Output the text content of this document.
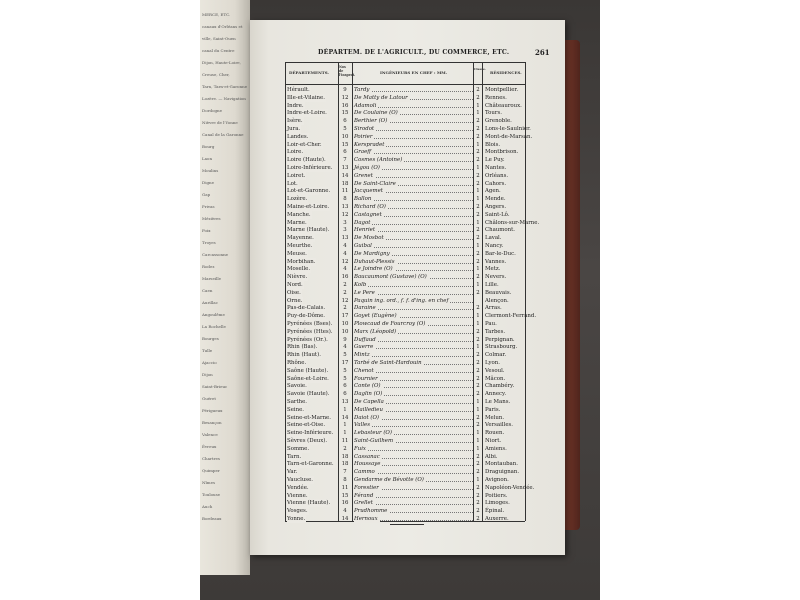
MERCE, ETC.
canaux d'Orléans et
ville, Saint-Ouen
canal du Centre
Dijon, Haute-Loire,
Creuse, Cher,
Tarn, Tarn-et-Garonne
Lozère. — Navigation
Dordogne
Nièvre de l'Yonne
Canal de la Garonne
Bourg
Laon
Moulins
Digne
Gap
Privas
Mézières
Foix
Troyes
Carcassonne
Rodez
Marseille
Caen
Aurillac
Angoulême
La Rochelle
Bourges
Tulle
Ajaccio
Dijon
Saint-Brieuc
Guéret
Périgueux
Besançon
Valence
Évreux
Chartres
Quimper
Nîmes
Toulouse
Auch
Bordeaux
DÉPARTEM. DE L'AGRICULT., DU COMMERCE, ETC.	261
DÉPARTEMENTS.
Nos de l'inspect.	INGÉNIEURS EN CHEF : MM.
Classe.
RÉSIDENCES.
Hérault.	9	Tardy	2 Montpellier.
Ille-et-Vilaine.	12 De Matty de Latour	2 Rennes.
Indre.	16 Adamoli	1 Châteauroux.
Indre-et-Loire.	15 De Coulaine (O)	1 Tours.
Isère.	6	Berthier (O)	2 Grenoble.
Jura.	5	Sirodot	2 Lons-le-Saulnier.
Landes.	10 Poirier	2 Mont-de-Marsan.
Loir-et-Cher.	15 Kerspradet	1 Blois.
Loire.	6	Graeff	2 Montbrison.
Loire (Haute).	7	Cosmes (Antoine)	2 Le Puy.
Loire-Inférieure. 13 Jégou (O)	1 Nantes.
Loiret.	14 Grenet	2 Orléans.
Lot.	18 De Saint-Claire	2 Cahors.
Lot-et-Garonne. 11 Jacquemet	1 Agen.
Lozère.	8	Ballon	1 Mende.
Maine-et-Loire. 13 Richard (O)	2 Angers.
Manche.	12 Castagnet	2 Saint-Lô.
Marne.	3	Dagot	1 Châlons-sur-Marne.
Marne (Haute).	3	Henriet	2 Chaumont.
Mayenne.	13 De Mosbot	2 Laval.
Meurthe.	4	Guibal	1 Nancy.
Meuse.	4	De Mardigny	2 Bar-le-Duc.
Morbihan.	12 Duhaut-Plessis	2 Vannes.
Moselle.	4	Le Joindre (O)	1 Metz.
Nièvre.	16 Baucaumont (Gustave) (O)	2 Nevers.
Nord.	2	Kolb	1 Lille.
Oise.	2	Le Pere	2 Beauvais.
Orne.	12 Paquin ing. ord., f. f. d'ing. en chef	Alençon.
Pas-de-Calais.	2	Daraine	2 Arras.
Puy-de-Dôme.	17 Goyet (Eugène)	1 Clermont-Ferrand.
Pyrénées (Bses). 10 Plowcaud de Fourcroy (O)	1 Pau.
Pyrénées (Htes). 10 Marx (Léopold)	2 Tarbes.
Pyrénées (Or.).	9	Duffaud	2 Perpignan.
Rhin (Bas).	4	Guerre	1 Strasbourg.
Rhin (Haut).	5	Mintz	2 Colmar.
Rhône.	17 Tarbé de Saint-Hardouin	2 Lyon.
Saône (Haute).	5	Chenot	2 Vesoul.
Saône-et-Loire.	5	Fournier	2 Mâcon.
Savoie.	6	Conte (O)	2 Chambéry.
Savoie (Haute).	6	Daglin (O)	2 Annecy.
Sarthe.	13 De Capella	1 Le Mans.
Seine.	1	Mailledieu	1 Paris.
Seine-et-Marne. 14 Daiot (O)	2 Melun.
Seine-et-Oise.	1	Valles	2 Versailles.
Seine-Inférieure.	1	Lebasteur (O)	1 Rouen.
Sèvres (Deux).	11 Saint-Guilhem	1 Niort.
Somme.	2	Fuix	1 Amiens.
Tarn.	18 Cassanac	2 Albi.
Tarn-et-Garonne. 18 Houssaye	2 Montauban.
Var.	7	Cammo	2 Draguignan.
Vaucluse.	8	Gendarme de Bévotte (O)	1 Avignon.
Vendée.	11 Forestier	2 Napoléon-Vendée.
Vienne.	15 Férand	2 Poitiers.
Vienne (Haute). 16 Grellet	2 Limoges.
Vosges.	4	Prudhomme	2 Épinal.
Yonne.	14 Hernoux	2 Auxerre.
